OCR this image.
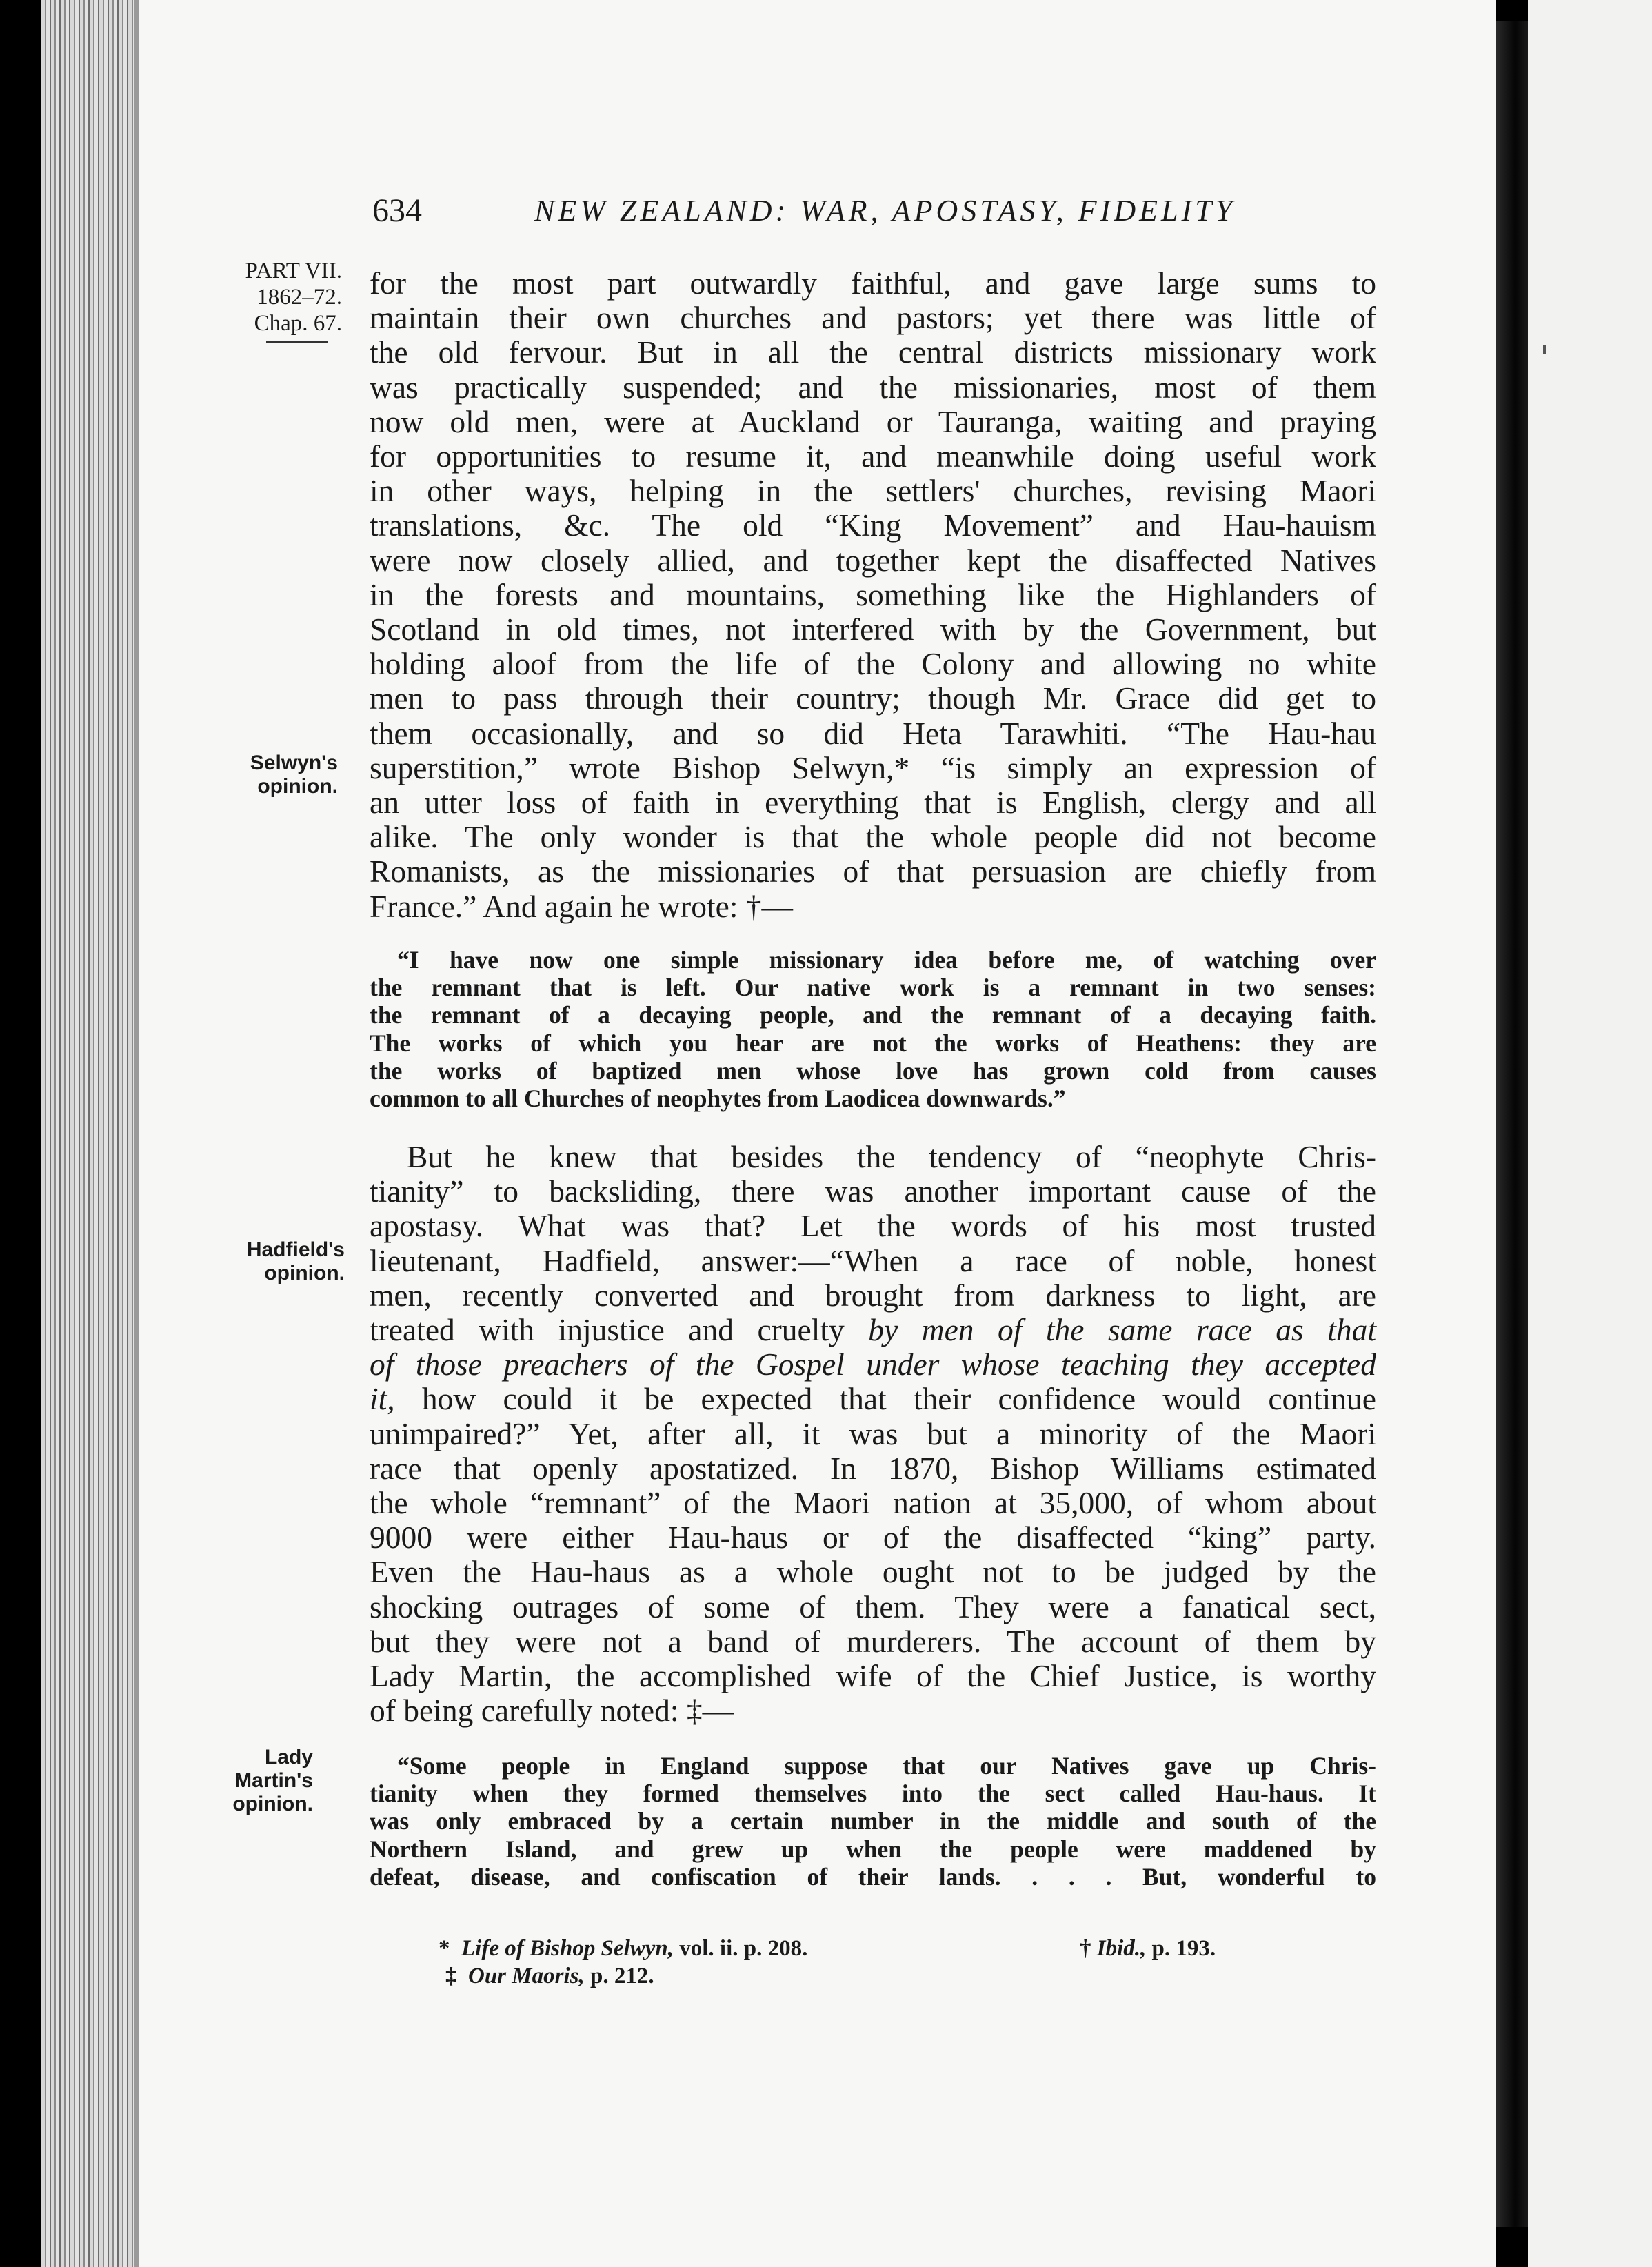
634	NEW ZEALAND: WAR, APOSTASY, FIDELITY
PART VII.
1862–72.
Chap. 67.
Selwyn's
opinion.
Hadfield's
opinion.
Lady
Martin's
opinion.
for the most part outwardly faithful, and gave large sums to
maintain their own churches and pastors; yet there was little of
the old fervour. But in all the central districts missionary work
was practically suspended; and the missionaries, most of them
now old men, were at Auckland or Tauranga, waiting and praying
for opportunities to resume it, and meanwhile doing useful work
in other ways, helping in the settlers' churches, revising Maori
translations, &c. The old “King Movement” and Hau-hauism
were now closely allied, and together kept the disaffected Natives
in the forests and mountains, something like the Highlanders of
Scotland in old times, not interfered with by the Government, but
holding aloof from the life of the Colony and allowing no white
men to pass through their country; though Mr. Grace did get to
them occasionally, and so did Heta Tarawhiti. “The Hau-hau
superstition,” wrote Bishop Selwyn,* “is simply an expression of
an utter loss of faith in everything that is English, clergy and all
alike. The only wonder is that the whole people did not become
Romanists, as the missionaries of that persuasion are chiefly from
France.” And again he wrote: †—
“I have now one simple missionary idea before me, of watching over
the remnant that is left. Our native work is a remnant in two senses:
the remnant of a decaying people, and the remnant of a decaying faith.
The works of which you hear are not the works of Heathens: they are
the works of baptized men whose love has grown cold from causes
common to all Churches of neophytes from Laodicea downwards.”
But he knew that besides the tendency of “neophyte Chris-
tianity” to backsliding, there was another important cause of the
apostasy. What was that? Let the words of his most trusted
lieutenant, Hadfield, answer:—“When a race of noble, honest
men, recently converted and brought from darkness to light, are
treated with injustice and cruelty by men of the same race as that
of those preachers of the Gospel under whose teaching they accepted
it, how could it be expected that their confidence would continue
unimpaired?” Yet, after all, it was but a minority of the Maori
race that openly apostatized. In 1870, Bishop Williams estimated
the whole “remnant” of the Maori nation at 35,000, of whom about
9000 were either Hau-haus or of the disaffected “king” party.
Even the Hau-haus as a whole ought not to be judged by the
shocking outrages of some of them. They were a fanatical sect,
but they were not a band of murderers. The account of them by
Lady Martin, the accomplished wife of the Chief Justice, is worthy
of being carefully noted: ‡—
“Some people in England suppose that our Natives gave up Chris-
tianity when they formed themselves into the sect called Hau-haus. It
was only embraced by a certain number in the middle and south of the
Northern Island, and grew up when the people were maddened by
defeat, disease, and confiscation of their lands. . . . But, wonderful to
* Life of Bishop Selwyn, vol. ii. p. 208.	† Ibid., p. 193.
‡ Our Maoris, p. 212.
